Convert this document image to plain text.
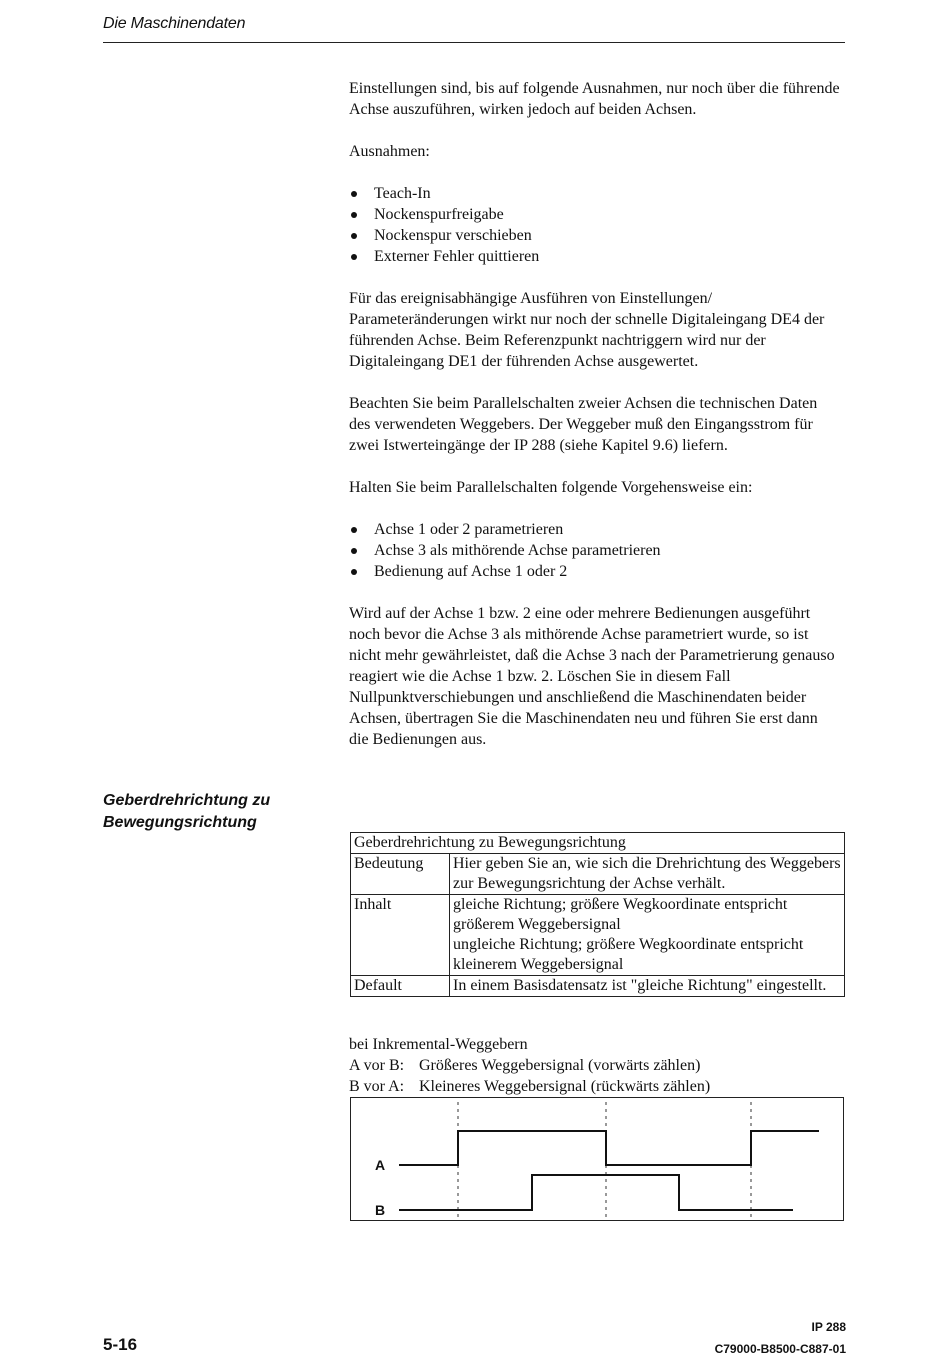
Die Maschinendaten

Einstellungen sind, bis auf folgende Ausnahmen, nur noch über die führende Achse auszuführen, wirken jedoch auf beiden Achsen.

Ausnahmen:

Teach-In
Nockenspurfreigabe
Nockenspur verschieben
Externer Fehler quittieren

Für das ereignisabhängige Ausführen von Einstellungen/ Parameteränderungen wirkt nur noch der schnelle Digitaleingang DE4 der führenden Achse. Beim Referenzpunkt nachtriggern wird nur der Digitaleingang DE1 der führenden Achse ausgewertet.

Beachten Sie beim Parallelschalten zweier Achsen die technischen Daten des verwendeten Weggebers. Der Weggeber muß den Eingangsstrom für zwei Istwerteingänge der IP 288 (siehe Kapitel 9.6) liefern.

Halten Sie beim Parallelschalten folgende Vorgehensweise ein:

Achse 1 oder 2 parametrieren
Achse 3 als mithörende Achse parametrieren
Bedienung auf Achse 1 oder 2

Wird auf der Achse 1 bzw. 2 eine oder mehrere Bedienungen ausgeführt noch bevor die Achse 3 als mithörende Achse parametriert wurde, so ist nicht mehr gewährleistet, daß die Achse 3 nach der Parametrierung genauso reagiert wie die Achse 1 bzw. 2. Löschen Sie in diesem Fall Nullpunktverschiebungen und anschließend die Maschinendaten beider Achsen, übertragen Sie die Maschinendaten neu und führen Sie erst dann die Bedienungen aus.

Geberdrehrichtung zu Bewegungsrichtung
Geberdrehrichtung zu Bewegungsrichtung	
Bedeutung	Hier geben Sie an, wie sich die Drehrichtung des Weggebers zur Bewegungsrichtung der Achse verhält.

Inhalt	gleiche Richtung; größere Wegkoordinate entspricht größerem Weggebersignal
ungleiche Richtung; größere Wegkoordinate entspricht kleinerem Weggebersignal

Default	In einem Basisdatensatz ist "gleiche Richtung" eingestellt.
bei Inkremental-Weggebern
A vor B: Größeres Weggebersignal (vorwärts zählen)
B vor A: Kleineres Weggebersignal (rückwärts zählen)
A
B
5-16
IP 288
C79000-B8500-C887-01
